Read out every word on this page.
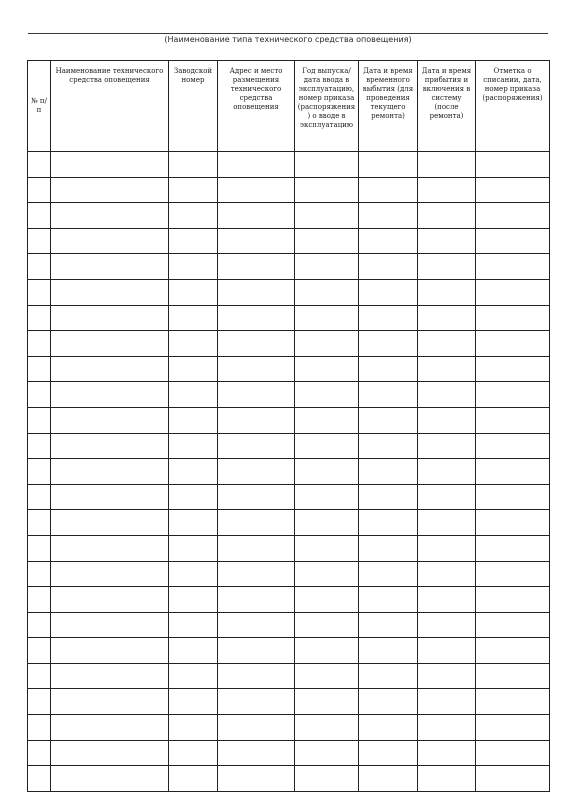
(Наименование типа технического средства оповещения)
№ п/п	Наименование технического средства оповещения	Заводской номер	Адрес и место размещения технического средства оповещения	Год выпуска/ дата ввода в эксплуатацию, номер приказа (распоряжения) о вводе в эксплуатацию	Дата и время временного выбытия (для проведения текущего ремонта)	Дата и время прибытия и включения в систему (после ремонта)	Отметка о списании, дата, номер приказа (распоряжения)
